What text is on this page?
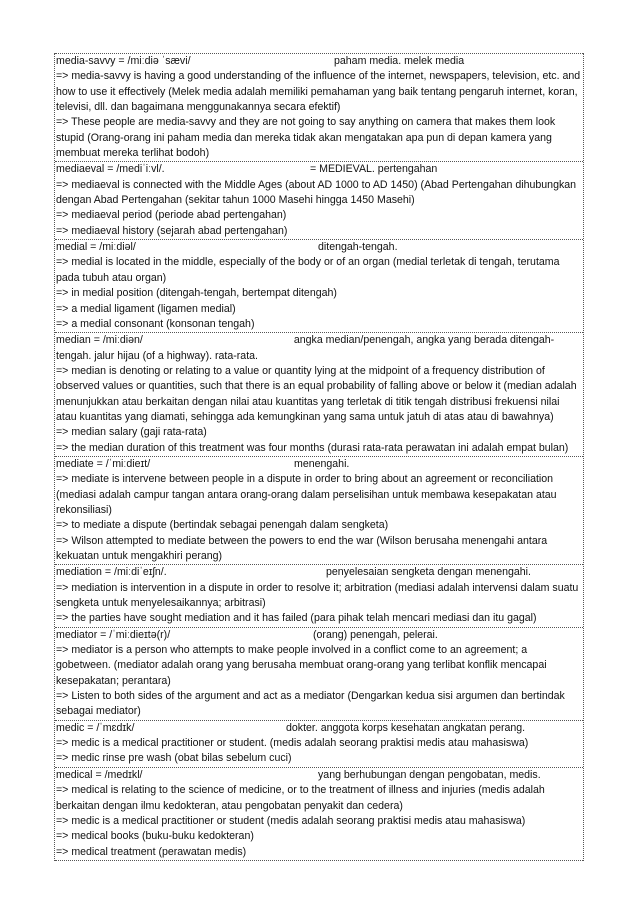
media-savvy = /miːdiə ˈsævi/	paham media. melek media
=> media-savvy is having a good understanding of the influence of the internet, newspapers, television, etc. and how to use it effectively (Melek media adalah memiliki pemahaman yang baik tentang pengaruh internet, koran, televisi, dll. dan bagaimana menggunakannya secara efektif)
=> These people are media-savvy and they are not going to say anything on camera that makes them look stupid (Orang-orang ini paham media dan mereka tidak akan mengatakan apa pun di depan kamera yang membuat mereka terlihat bodoh)
mediaeval = /mediˈiːvl/.	= MEDIEVAL. pertengahan
=> mediaeval is connected with the Middle Ages (about AD 1000 to AD 1450) (Abad Pertengahan dihubungkan dengan Abad Pertengahan (sekitar tahun 1000 Masehi hingga 1450 Masehi)
=> mediaeval period (periode abad pertengahan)
=> mediaeval history (sejarah abad pertengahan)
medial = /miːdiəl/	ditengah-tengah.
=> medial is located in the middle, especially of the body or of an organ (medial terletak di tengah, terutama pada tubuh atau organ)
=> in medial position (ditengah-tengah, bertempat ditengah)
=> a medial ligament (ligamen medial)
=> a medial consonant (konsonan tengah)
median = /miːdiən/	angka median/penengah, angka yang berada ditengah-tengah. jalur hijau (of a highway). rata-rata.
=> median is denoting or relating to a value or quantity lying at the midpoint of a frequency distribution of observed values or quantities, such that there is an equal probability of falling above or below it (median adalah menunjukkan atau berkaitan dengan nilai atau kuantitas yang terletak di titik tengah distribusi frekuensi nilai atau kuantitas yang diamati, sehingga ada kemungkinan yang sama untuk jatuh di atas atau di bawahnya)
=> median salary (gaji rata-rata)
=> the median duration of this treatment was four months (durasi rata-rata perawatan ini adalah empat bulan)
mediate = /ˈmiːdieɪt/	menengahi.
=> mediate is intervene between people in a dispute in order to bring about an agreement or reconciliation (mediasi adalah campur tangan antara orang-orang dalam perselisihan untuk membawa kesepakatan atau rekonsiliasi)
=> to mediate a dispute (bertindak sebagai penengah dalam sengketa)
=> Wilson attempted to mediate between the powers to end the war (Wilson berusaha menengahi antara kekuatan untuk mengakhiri perang)
mediation = /miːdiˈeɪʃn/.	penyelesaian sengketa dengan menengahi.
=> mediation is intervention in a dispute in order to resolve it; arbitration (mediasi adalah intervensi dalam suatu sengketa untuk menyelesaikannya; arbitrasi)
=> the parties have sought mediation and it has failed (para pihak telah mencari mediasi dan itu gagal)
mediator = /ˈmiːdieɪtə(r)/	(orang) penengah, pelerai.
=> mediator is a person who attempts to make people involved in a conflict come to an agreement; a gobetween. (mediator adalah orang yang berusaha membuat orang-orang yang terlibat konflik mencapai kesepakatan; perantara)
=> Listen to both sides of the argument and act as a mediator (Dengarkan kedua sisi argumen dan bertindak sebagai mediator)
medic = /ˈmɛdɪk/	dokter. anggota korps kesehatan angkatan perang.
=> medic is a medical practitioner or student. (medis adalah seorang praktisi medis atau mahasiswa)
=> medic rinse pre wash (obat bilas sebelum cuci)
medical = /medɪkl/	yang berhubungan dengan pengobatan, medis.
=> medical is relating to the science of medicine, or to the treatment of illness and injuries (medis adalah berkaitan dengan ilmu kedokteran, atau pengobatan penyakit dan cedera)
=> medic is a medical practitioner or student (medis adalah seorang praktisi medis atau mahasiswa)
=> medical books (buku-buku kedokteran)
=> medical treatment (perawatan medis)
